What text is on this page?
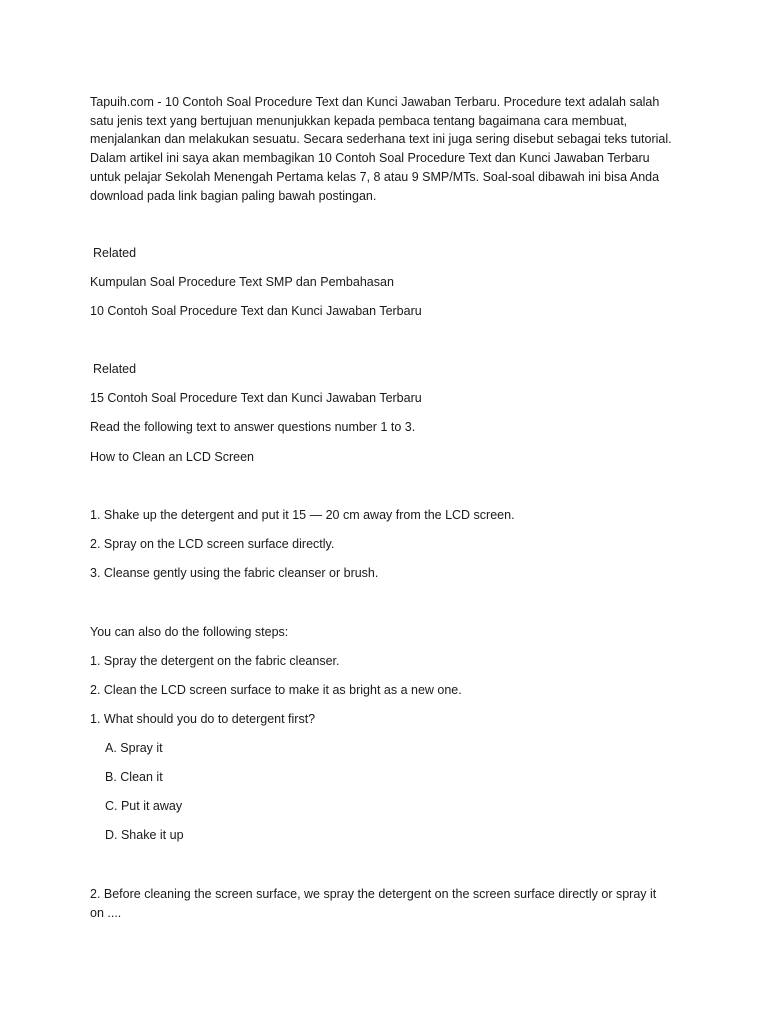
Tapuih.com - 10 Contoh Soal Procedure Text dan Kunci Jawaban Terbaru. Procedure text adalah salah
satu jenis text yang bertujuan menunjukkan kepada pembaca tentang bagaimana cara membuat,
menjalankan dan melakukan sesuatu. Secara sederhana text ini juga sering disebut sebagai teks tutorial.
Dalam artikel ini saya akan membagikan 10 Contoh Soal Procedure Text dan Kunci Jawaban Terbaru
untuk pelajar Sekolah Menengah Pertama kelas 7, 8 atau 9 SMP/MTs. Soal-soal dibawah ini bisa Anda
download pada link bagian paling bawah postingan.
Related
Kumpulan Soal Procedure Text SMP dan Pembahasan
10 Contoh Soal Procedure Text dan Kunci Jawaban Terbaru
Related
15 Contoh Soal Procedure Text dan Kunci Jawaban Terbaru
Read the following text to answer questions number 1 to 3.
How to Clean an LCD Screen
1. Shake up the detergent and put it 15 — 20 cm away from the LCD screen.
2. Spray on the LCD screen surface directly.
3. Cleanse gently using the fabric cleanser or brush.
You can also do the following steps:
1. Spray the detergent on the fabric cleanser.
2. Clean the LCD screen surface to make it as bright as a new one.
1. What should you do to detergent first?
A. Spray it
B. Clean it
C. Put it away
D. Shake it up
2. Before cleaning the screen surface, we spray the detergent on the screen surface directly or spray it
on ....
